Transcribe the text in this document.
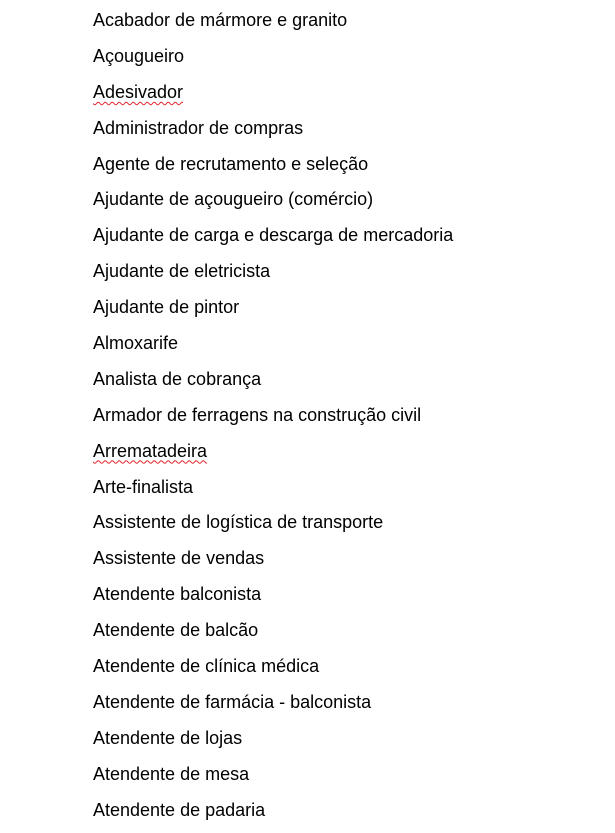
Acabador de mármore e granito
Açougueiro
Adesivador
Administrador de compras
Agente de recrutamento e seleção
Ajudante de açougueiro (comércio)
Ajudante de carga e descarga de mercadoria
Ajudante de eletricista
Ajudante de pintor
Almoxarife
Analista de cobrança
Armador de ferragens na construção civil
Arrematadeira
Arte-finalista
Assistente de logística de transporte
Assistente de vendas
Atendente balconista
Atendente de balcão
Atendente de clínica médica
Atendente de farmácia - balconista
Atendente de lojas
Atendente de mesa
Atendente de padaria
